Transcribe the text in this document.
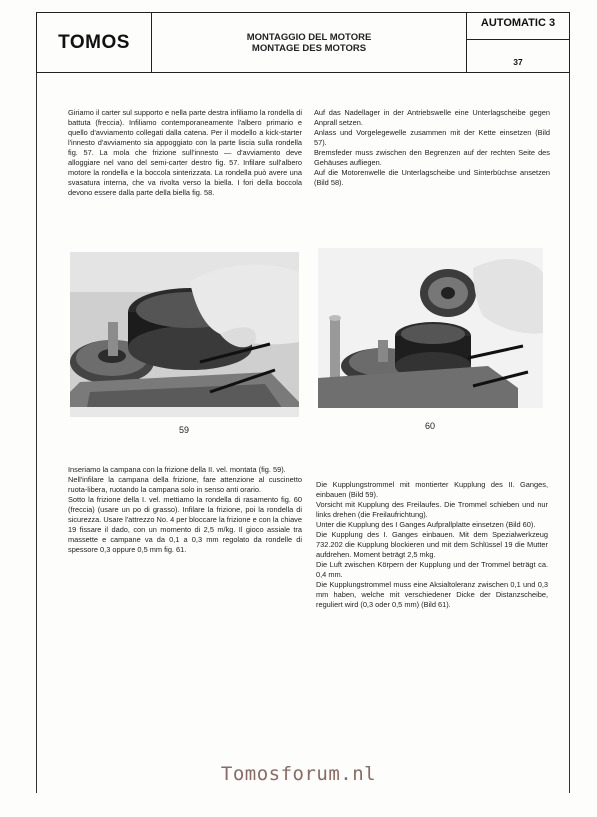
TOMOS	MONTAGGIO DEL MOTORE
MONTAGE DES MOTORS
AUTOMATIC 3
37

Giriamo il carter sul supporto e nella parte destra infiliamo la rondella di battuta (freccia). Infiliamo contemporaneamente l'albero primario e quello d'avviamento collegati dalla catena. Per il modello a kick-starter l'innesto d'avviamento sia appoggiato con la parte liscia sulla rondella fig. 57. La mola che frizione sull'innesto — d'avviamento deve alloggiare nel vano del semi-carter destro fig. 57. Infilare sull'albero motore la rondella e la boccola sinterizzata. La rondella può avere una svasatura interna, che va rivolta verso la biella. I fori della boccola devono essere dalla parte della biella fig. 58.

Auf das Nadellager in der Antriebswelle eine Unterlagscheibe gegen Anprall setzen.

Anlass und Vorgelegewelle zusammen mit der Kette einsetzen (Bild 57).

Bremsfeder muss zwischen den Begrenzen auf der rechten Seite des Gehäuses aufliegen.

Auf die Motorenwelle die Unterlagscheibe und Sinterbüchse ansetzen (Bild 58).

59	60

Inseriamo la campana con la frizione della II. vel. montata (fig. 59).

Nell'infilare la campana della frizione, fare attenzione al cuscinetto ruota-libera, ruotando la campana solo in senso anti orario.

Sotto la frizione della I. vel. mettiamo la rondella di rasamento fig. 60 (freccia) (usare un po di grasso). Infilare la frizione, poi la rondella di sicurezza. Usare l'attrezzo No. 4 per bloccare la frizione e con la chiave 19 fissare il dado, con un momento di 2,5 m/kg. Il gioco assiale tra massette e campane va da 0,1 a 0,3 mm regolato da rondelle di spessore 0,3 oppure 0,5 mm fig. 61.

Die Kupplungstrommel mit montierter Kupplung des II. Ganges, einbauen (Bild 59).

Vorsicht mit Kupplung des Freilaufes. Die Trommel schieben und nur links drehen (die Freilaufrichtung).

Unter die Kupplung des I Ganges Aufprallplatte einsetzen (Bild 60).

Die Kupplung des I. Ganges einbauen. Mit dem Spezialwerkzeug 732.202 die Kupplung blockieren und mit dem Schlüssel 19 die Mutter aufdrehen. Moment beträgt 2,5 mkg.

Die Luft zwischen Körpern der Kupplung und der Trommel beträgt ca. 0,4 mm.

Die Kupplungstrommel muss eine Aksialtoleranz zwischen 0,1 und 0,3 mm haben, welche mit verschiedener Dicke der Distanzscheibe, reguliert wird (0,3 oder 0,5 mm) (Bild 61).

Tomosforum.nl
